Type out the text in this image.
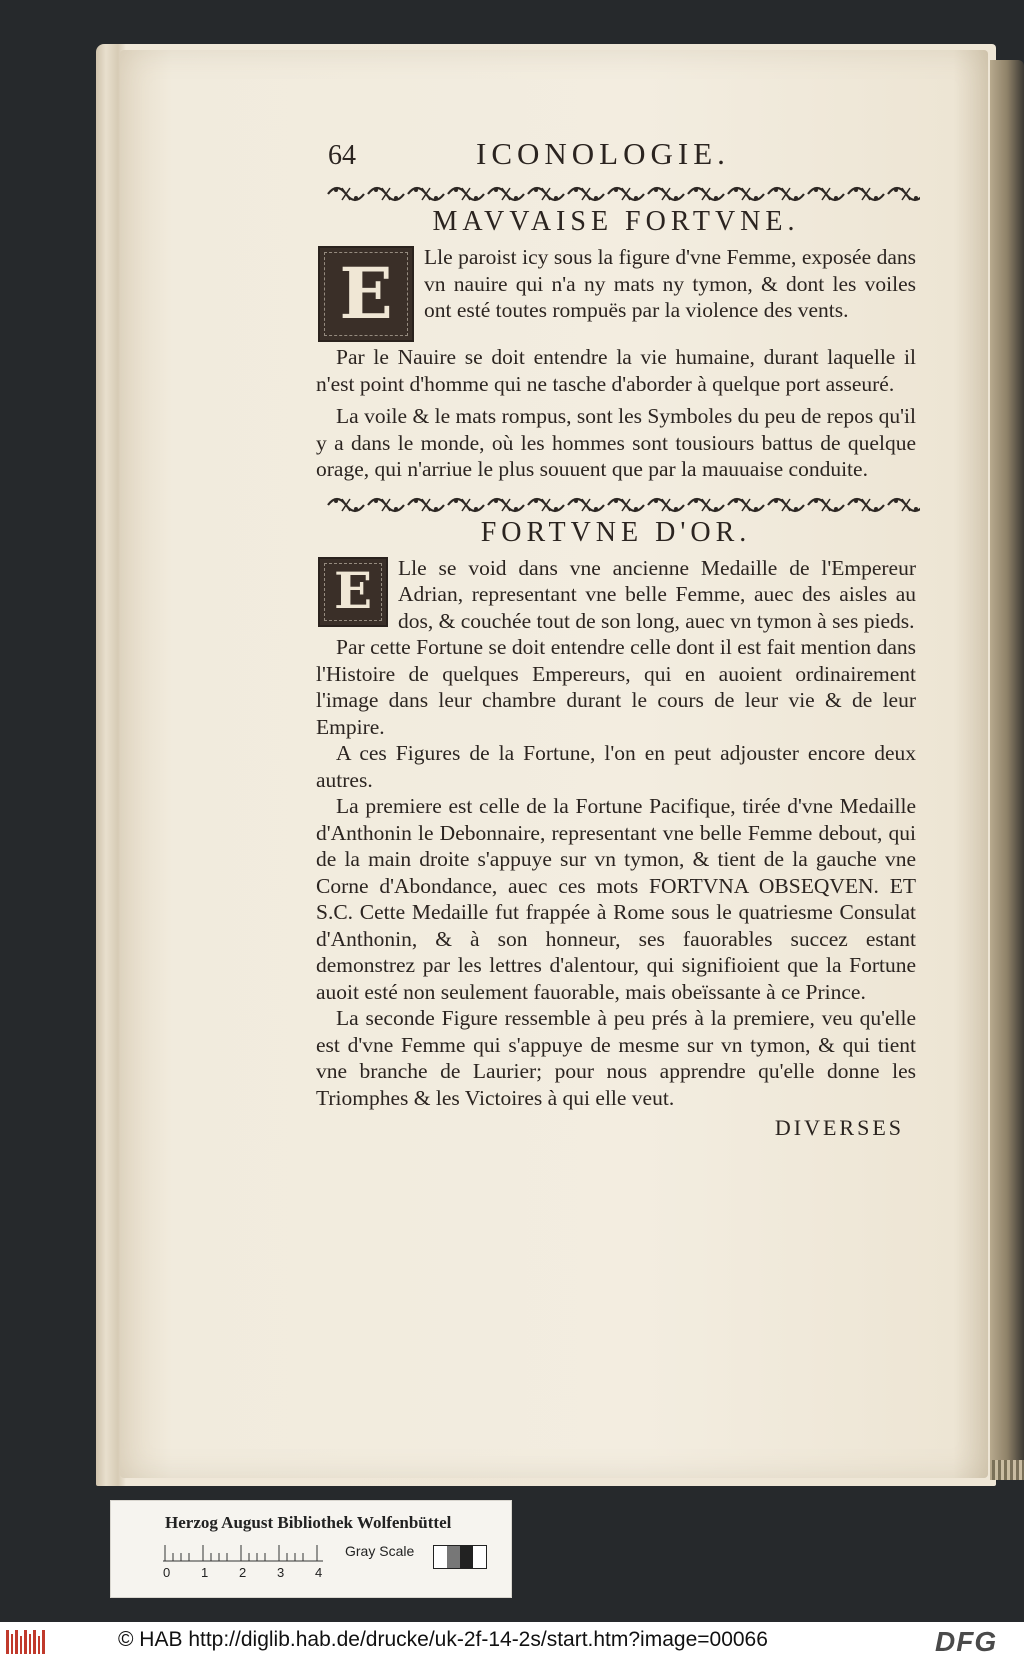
64	ICONOLOGIE.
MAVVAISE FORTVNE.

E	Lle paroist icy sous la figure d'vne Femme, exposée dans vn nauire qui n'a ny mats ny tymon, & dont les voiles ont esté toutes rompuës par la violence des vents.

Par le Nauire se doit entendre la vie humaine, durant laquelle il n'est point d'homme qui ne tasche d'aborder à quelque port asseuré.

La voile & le mats rompus, sont les Symboles du peu de repos qu'il y a dans le monde, où les hommes sont tousiours battus de quelque orage, qui n'arriue le plus souuent que par la mauuaise conduite.

FORTVNE D'OR.

E	Lle se void dans vne ancienne Medaille de l'Empereur Adrian, representant vne belle Femme, auec des aisles au dos, & couchée tout de son long, auec vn tymon à ses pieds.

Par cette Fortune se doit entendre celle dont il est fait mention dans l'Histoire de quelques Empereurs, qui en auoient ordinairement l'image dans leur chambre durant le cours de leur vie & de leur Empire.

A ces Figures de la Fortune, l'on en peut adjouster encore deux autres.

La premiere est celle de la Fortune Pacifique, tirée d'vne Medaille d'Anthonin le Debonnaire, representant vne belle Femme debout, qui de la main droite s'appuye sur vn tymon, & tient de la gauche vne Corne d'Abondance, auec ces mots FORTVNA OBSEQVEN. ET S.C. Cette Medaille fut frappée à Rome sous le quatriesme Consulat d'Anthonin, & à son honneur, ses fauorables succez estant demonstrez par les lettres d'alentour, qui signifioient que la Fortune auoit esté non seulement fauorable, mais obeïssante à ce Prince.

La seconde Figure ressemble à peu prés à la premiere, veu qu'elle est d'vne Femme qui s'appuye de mesme sur vn tymon, & qui tient vne branche de Laurier; pour nous apprendre qu'elle donne les Triomphes & les Victoires à qui elle veut.

DIVERSES
Herzog August Bibliothek Wolfenbüttel
0 1 2 3 4
Gray Scale
© HAB http://diglib.hab.de/drucke/uk-2f-14-2s/start.htm?image=00066	DFG
